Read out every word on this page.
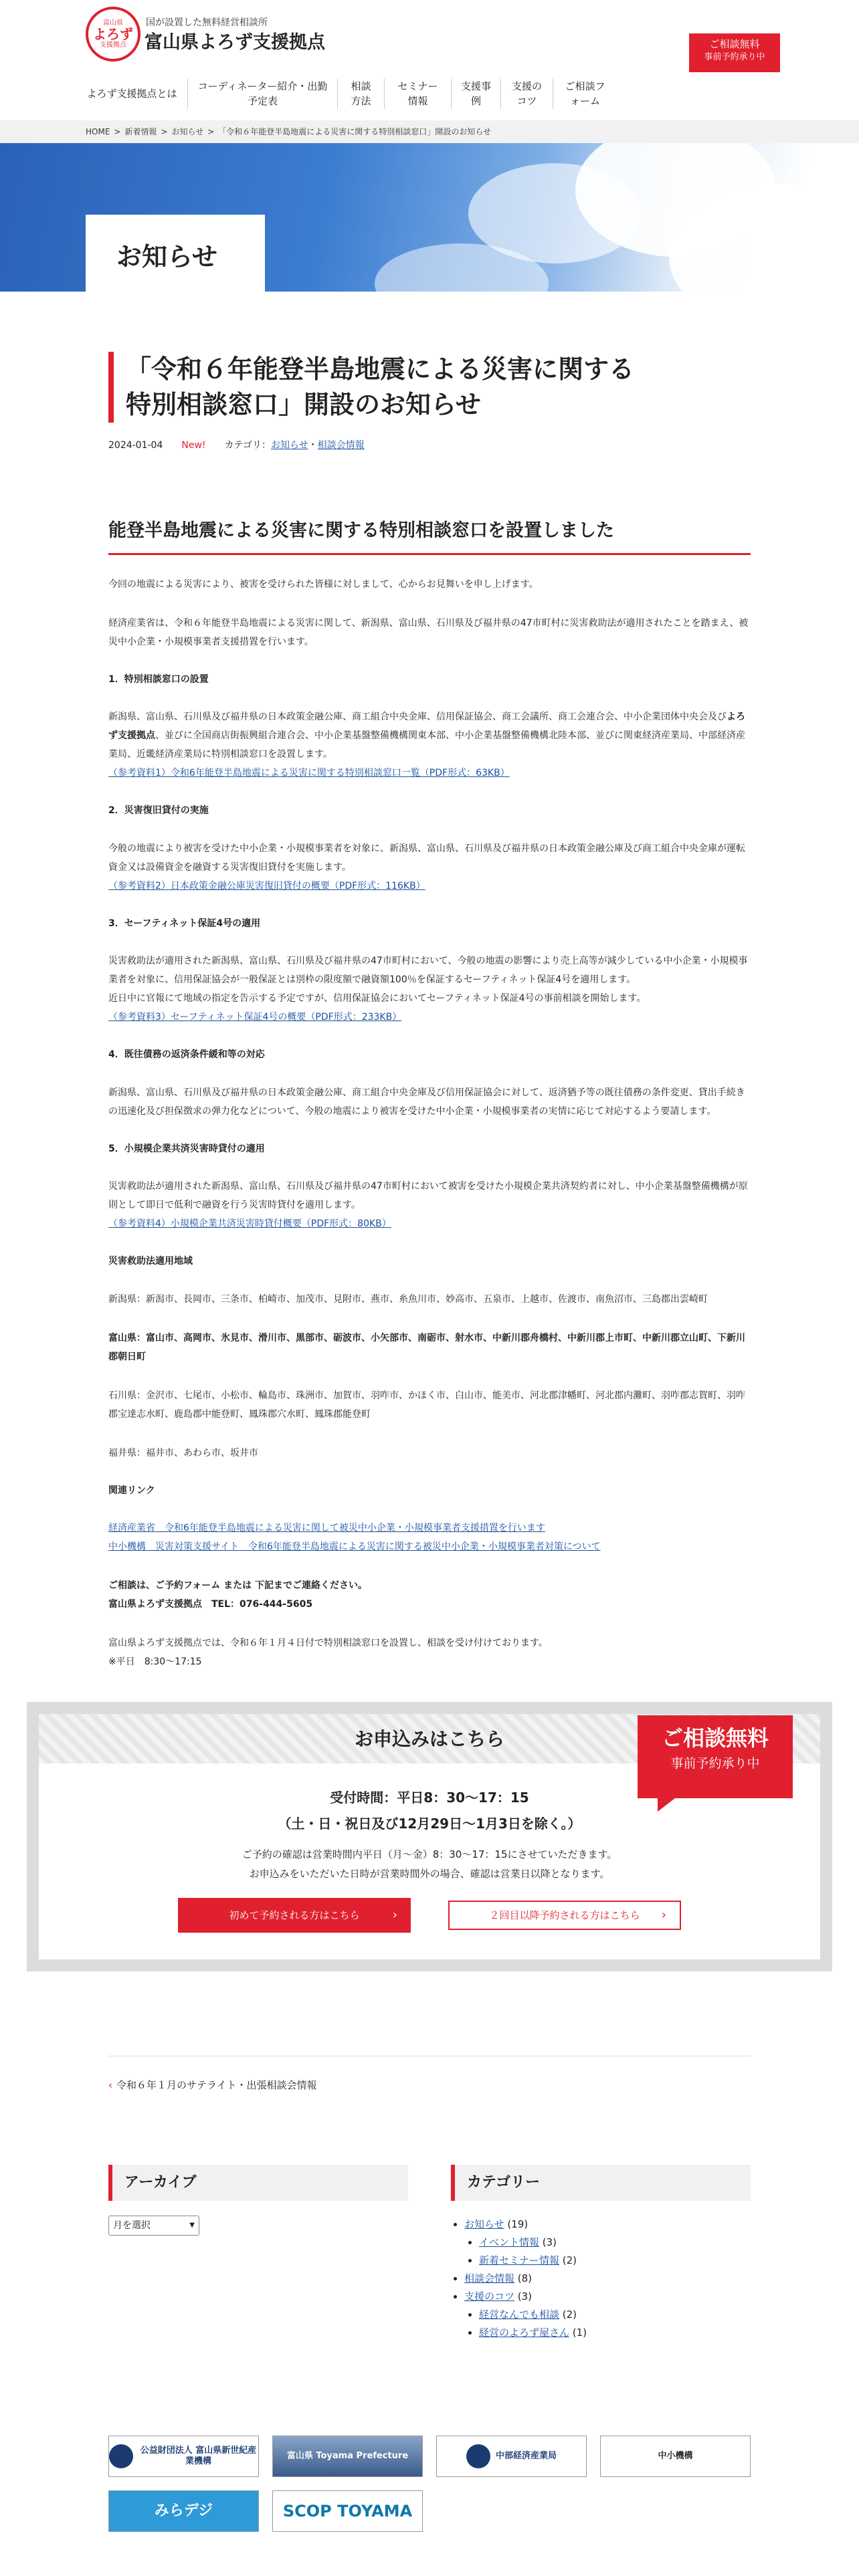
富山県
よろず
支援拠点
国が設置した無料経営相談所
富山県よろず支援拠点	ご相談無料
事前予約承り中
よろず支援拠点とは
コーディネーター紹介・出勤予定表
相談方法
セミナー情報
支援事例
支援のコツ
ご相談フォーム
HOME > 新着情報 > お知らせ > 「令和６年能登半島地震による災害に関する特別相談窓口」開設のお知らせ
お知らせ
「令和６年能登半島地震による災害に関する
特別相談窓口」開設のお知らせ
2024-01-04 New! カテゴリ：お知らせ・相談会情報
能登半島地震による災害に関する特別相談窓口を設置しました

今回の地震による災害により、被害を受けられた皆様に対しまして、心からお見舞いを申し上げます。

経済産業省は、令和６年能登半島地震による災害に関して、新潟県、富山県、石川県及び福井県の47市町村に災害救助法が適用されたことを踏まえ、被災中小企業・小規模事業者支援措置を行います。

1．特別相談窓口の設置

新潟県、富山県、石川県及び福井県の日本政策金融公庫、商工組合中央金庫、信用保証協会、商工会議所、商工会連合会、中小企業団体中央会及びよろず支援拠点、並びに全国商店街振興組合連合会、中小企業基盤整備機構関東本部、中小企業基盤整備機構北陸本部、並びに関東経済産業局、中部経済産業局、近畿経済産業局に特別相談窓口を設置します。
（参考資料1）令和6年能登半島地震による災害に関する特別相談窓口一覧（PDF形式：63KB）

2．災害復旧貸付の実施

今般の地震により被害を受けた中小企業・小規模事業者を対象に、新潟県、富山県、石川県及び福井県の日本政策金融公庫及び商工組合中央金庫が運転資金又は設備資金を融資する災害復旧貸付を実施します。
（参考資料2）日本政策金融公庫災害復旧貸付の概要（PDF形式：116KB）

3．セーフティネット保証4号の適用

災害救助法が適用された新潟県、富山県、石川県及び福井県の47市町村において、今般の地震の影響により売上高等が減少している中小企業・小規模事業者を対象に、信用保証協会が一般保証とは別枠の限度額で融資額100％を保証するセーフティネット保証4号を適用します。
近日中に官報にて地域の指定を告示する予定ですが、信用保証協会においてセーフティネット保証4号の事前相談を開始します。
（参考資料3）セーフティネット保証4号の概要（PDF形式：233KB）

4．既往債務の返済条件緩和等の対応

新潟県、富山県、石川県及び福井県の日本政策金融公庫、商工組合中央金庫及び信用保証協会に対して、返済猶予等の既往債務の条件変更、貸出手続きの迅速化及び担保徴求の弾力化などについて、今般の地震により被害を受けた中小企業・小規模事業者の実情に応じて対応するよう要請します。

5．小規模企業共済災害時貸付の適用

災害救助法が適用された新潟県、富山県、石川県及び福井県の47市町村において被害を受けた小規模企業共済契約者に対し、中小企業基盤整備機構が原則として即日で低利で融資を行う災害時貸付を適用します。
（参考資料4）小規模企業共済災害時貸付概要（PDF形式：80KB）

災害救助法適用地域

新潟県：新潟市、長岡市、三条市、柏崎市、加茂市、見附市、燕市、糸魚川市、妙高市、五泉市、上越市、佐渡市、南魚沼市、三島郡出雲崎町

富山県：富山市、高岡市、氷見市、滑川市、黒部市、砺波市、小矢部市、南砺市、射水市、中新川郡舟橋村、中新川郡上市町、中新川郡立山町、下新川郡朝日町

石川県：金沢市、七尾市、小松市、輪島市、珠洲市、加賀市、羽咋市、かほく市、白山市、能美市、河北郡津幡町、河北郡内灘町、羽咋郡志賀町、羽咋郡宝達志水町、鹿島郡中能登町、鳳珠郡穴水町、鳳珠郡能登町

福井県：福井市、あわら市、坂井市

関連リンク

経済産業省　令和6年能登半島地震による災害に関して被災中小企業・小規模事業者支援措置を行います
中小機構　災害対策支援サイト　令和6年能登半島地震による災害に関する被災中小企業・小規模事業者対策について

ご相談は、ご予約フォーム または 下記までご連絡ください。
富山県よろず支援拠点　TEL：076-444-5605

富山県よろず支援拠点では、令和６年１月４日付で特別相談窓口を設置し、相談を受け付けております。
※平日　8:30〜17:15

お申込みはこちら	ご相談無料
事前予約承り中
受付時間：平日8：30〜17：15
（土・日・祝日及び12月29日〜1月3日を除く。）
ご予約の確認は営業時間内平日（月〜金）8：30〜17：15にさせていただきます。
お申込みをいただいた日時が営業時間外の場合、確認は営業日以降となります。
初めて予約される方はこちら	›	２回目以降予約される方はこちら ›
‹ 令和６年１月のサテライト・出張相談会情報
アーカイブ
月を選択	▼
カテゴリー
• お知らせ (19)
• イベント情報 (3)
• 新着セミナー情報 (2)
• 相談会情報 (8)
• 支援のコツ (3)
• 経営なんでも相談 (2)
• 経営のよろず屋さん (1)
公益財団法人 富山県新世紀産業機構
富山県 Toyama Prefecture	中部経済産業局	中小機構
みらデジ	SCOP TOYAMA
